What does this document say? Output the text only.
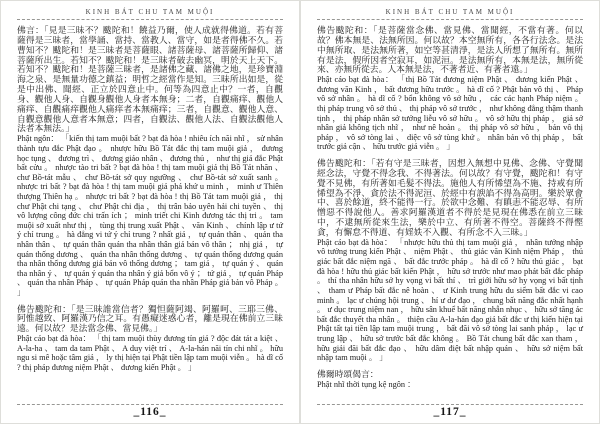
KINH BÁT CHU TAM MUỘI

佛言：「見是三昧不？颰陀和！饒益乃爾，使人成就得佛道。若有菩薩得是三昧者，當學誦、當持、當教人、當守，如是者得佛不久。若曹知不？颰陀和！是三昧者是菩薩眼、諸菩薩母、諸菩薩所歸仰、諸菩薩所出生。若知不？颰陀和！是三昧者破去幽冥，明於天上天下。若知不？颰陀和！是菩薩三昧者，是諸佛之藏、諸佛之地，是珍寶淵海之泉、是無量功德之鎮益；明哲之經當作是知。三昧所出如是，從是中出佛、聞經、正立於四意止中。何等為四意止中？一者，自觀身、觀他人身、自觀身觀他人身者本無身；二者，自觀痛痒、觀他人痛痒、自觀痛痒觀他人痛痒者本無痛痒；三者，自觀意、觀他人意、自觀意觀他人意者本無意；四者，自觀法、觀他人法、自觀法觀他人法者本無法。」

Phật ngôn： 「kiến thị tam muội bất ? bạt đà hòa ! nhiêu ích nãi nhĩ ， sử nhân thành tựu đắc Phật đạo 。 nhược hữu Bồ Tát đắc thị tam muội giả ， đương học tụng 、 đương trì 、 đương giáo nhân 、 đương thủ ， như thị giả đắc Phật bất cửu 。 nhược tào tri bất ? bạt đà hòa ! thị tam muội giả thị Bồ Tát nhãn 、 chư Bồ-tát mẫu 、 chư Bồ-tát sở quy ngưỡng 、 chư Bồ-tát sở xuất sanh 。 nhược tri bất ? bạt đà hòa ! thị tam muội giả phá khứ u minh ， minh ư Thiên thượng Thiên hạ 。 nhược tri bất ? bạt đà hòa ! thị Bồ Tát tam muội giả ， thị chư Phật chi tạng 、 chư Phật chi địa ， thị trân bảo uyên hải chi tuyền 、 thị vô lượng công đức chi trấn ích ； minh triết chi Kinh đương tác thị tri 。 tam muội sở xuất như thị ， tùng thị trung xuất Phật 、 văn Kinh 、 chính lập ư tứ ý chỉ trung 。 hà đẳng vi tứ ý chỉ trung ? nhất giả ， tự quán thân 、 quán tha nhân thân 、 tự quán thân quán tha nhân thân giả bản vô thân ； nhị giả ， tự quán thống dương 、 quán tha nhân thống dương 、 tự quán thống dương quán tha nhân thống dương giả bản vô thống dương ； tam giả ， tự quán ý 、 quán tha nhân ý 、 tự quán ý quán tha nhân ý giả bổn vô ý ； tứ giả ， tự quán Pháp 、 quán tha nhân Pháp 、 tự quán Pháp quán tha nhân Pháp giả bản vô Pháp 。 」

佛告颰陀和：「是三昧誰當信者？獨怛薩阿竭、阿羅呵、三耶三佛、阿惟越致、阿羅漢乃信之耳。有愚癡迷惑心者，離是現在佛前立三昧遠。何以故？是法當念佛、當見佛。」

Phật cáo bạt đà hòa： 「thị tam muội thùy đương tín giả ? độc đát tát a kiệt 、 A-la-ha 、 tam da tam Phật 、 A duy việt trí 、 A-la-hán nãi tín chi nhĩ 。 hữu ngu si mê hoặc tâm giả ， ly thị hiện tại Phật tiền lập tam muội viễn 。 hà dĩ cố ? thị pháp đương niệm Phật 、 đương kiến Phật 。 」

_116_
KINH BÁT CHU TAM MUỘI

佛告颰陀和：「是菩薩當念佛、當見佛、當聞經，不當有著。何以故？佛本無是、法無所因。何以故？本空無所有，各各行法念。是法中無所取、是法無所著，如空等甚清淨，是法人所想了無所有。無所有是法，假所因者空寂耳，如泥洹。是法無所有，本無是法，無所從來、亦無所從去。人本無是法，不著者近、有著者遠。」

Phật cáo bạt đà hòa： 「thị Bồ Tát đương niệm Phật 、 đương kiến Phật 、 đương văn Kinh ， bất đương hữu trước 。 hà dĩ cố ? Phật bản vô thị 、 Pháp vô sở nhân 。 hà dĩ cố ? bổn không vô sở hữu ， các các hạnh Pháp niệm 。 thị pháp trung vô sở thủ 、 thị pháp vô sở trước ， như không đẳng thậm thanh tịnh ， thị pháp nhân sở tưởng liễu vô sở hữu 。 vô sở hữu thị pháp ， giả sở nhân giả không tịch nhĩ ， như nê hoàn 。 thị pháp vô sở hữu ， bản vô thị pháp ， vô sở tòng lai 、 diệc vô sở tùng khứ 。 nhân bản vô thị pháp ， bất trước giả cận 、 hữu trước giả viễn 。 」

佛告颰陀和：「若有守是三昧者，因想入無想中見佛、念佛、守覺聞經念法，守覺不得念我、不得著法。何以故？有守覺，颰陀和！有守覺不見佛，有所著如毛髮不得法。施他人有所悕望為不施、持戒有所悕望為不淨、貪於法不得泥洹、於經中有諛諂不得為高明。樂於眾會中、喜於餘道，終不能得一行。於欲中念難、有瞋恚不能忍辱、有所憎惡不得說他人。善求阿羅漢道者不得於是見現在佛悉在前立三昧中，不逮無所從來生法，樂於中立、有所著不得空。菩薩終不得慳貪，有懈怠不得道、有婬妷不入觀、有所念不入三昧。」

Phật cáo bạt đà hòa： 「nhược hữu thủ thị tam muội giả ， nhân tưởng nhập vô tưởng trung kiến Phật 、 niệm Phật 、 thủ giác văn Kinh niệm Pháp ， thủ giác bất đắc niệm ngã 、 bất đắc trước pháp 。 hà dĩ cố ? hữu thủ giác ， bạt đà hòa ! hữu thủ giác bất kiến Phật ， hữu sở trước như mao phát bất đắc pháp 。 thí tha nhân hữu sở hy vọng vi bất thí 、 trì giới hữu sở hy vọng vi bất tịnh 、 tham ư Pháp bất đắc nê hoàn 、 ư Kinh trung hữu du siểm bất đắc vi cao minh 。 lạc ư chúng hội trung 、 hỉ ư dư đạo ， chung bất năng đắc nhất hạnh 。 ư dục trung niệm nan ， hữu sân khuể bất năng nhẫn nhục 、 hữu sở tăng ác bất đắc thuyết tha nhân 。 thiện cầu A-la-hán đạo giả bất đắc ư thị kiến hiện tại Phật tất tại tiền lập tam muội trung ， bất đãi vô sở tòng lai sanh pháp ， lạc ư trung lập 、 hữu sở trước bất đắc không 。 Bồ Tát chung bất đắc xan tham ， hữu giải đãi bất đắc đạo 、 hữu dâm điệt bất nhập quán 、 hữu sở niệm bất nhập tam muội 。 」

佛爾時頌偈言：

Phật nhĩ thời tụng kệ ngôn ：

_117_
